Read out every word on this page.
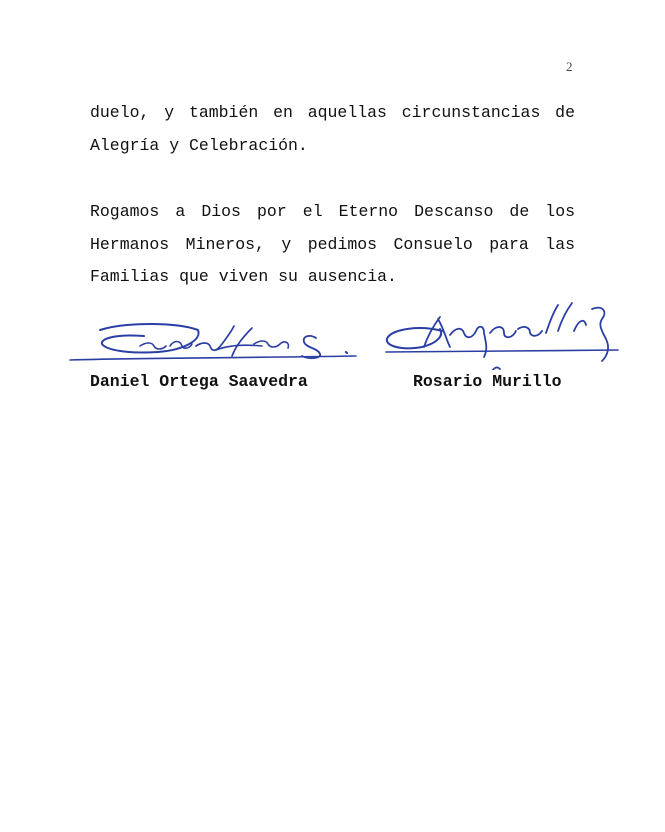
2

duelo, y también en aquellas circunstancias de
Alegría y Celebración.

Rogamos a Dios por el Eterno Descanso de los
Hermanos Mineros, y pedimos Consuelo para las
Familias que viven su ausencia.

Daniel Ortega Saavedra	Rosario Murillo
